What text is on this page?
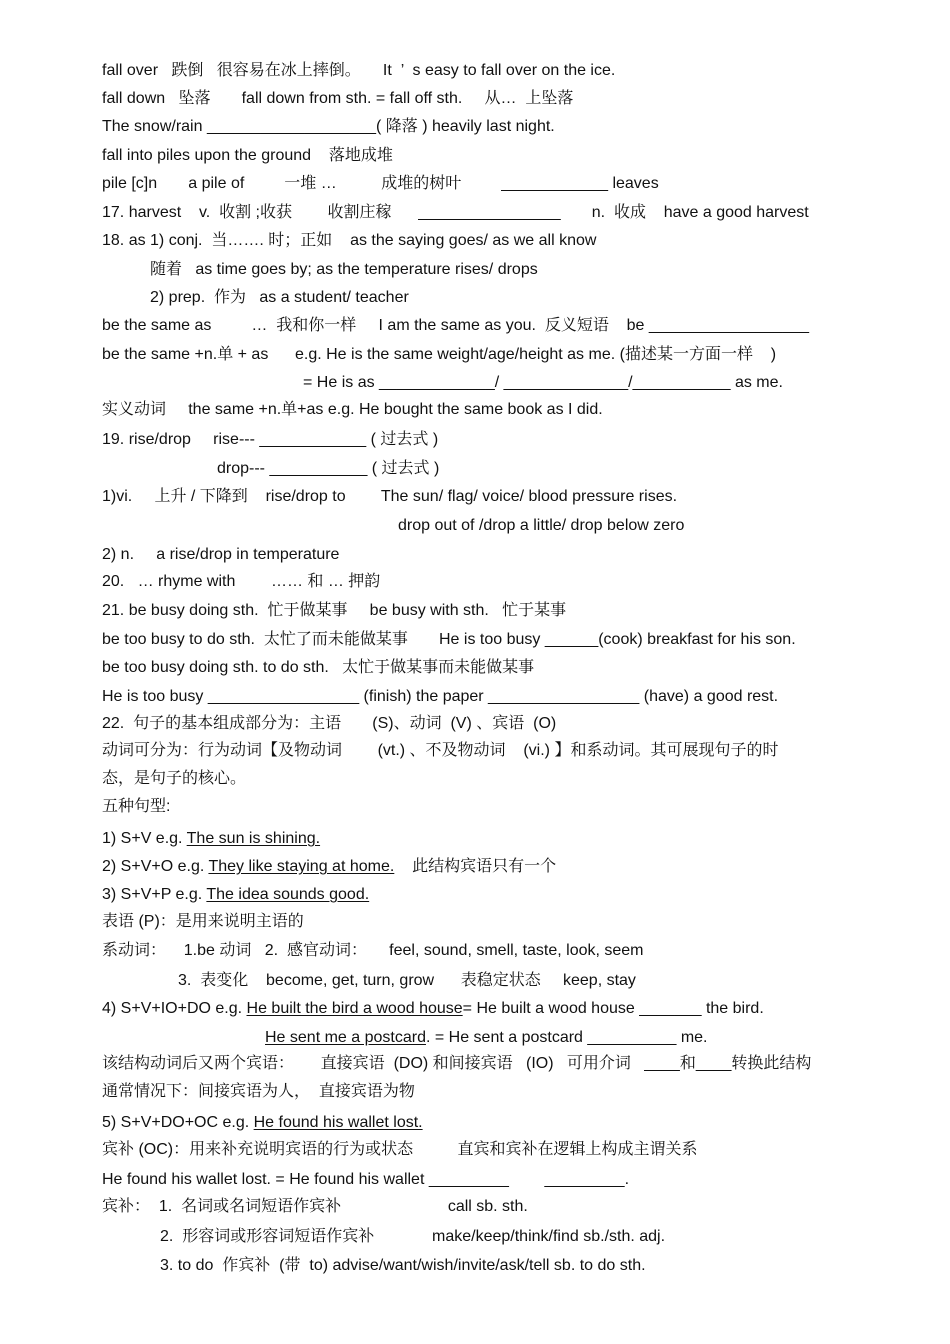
fall over   跌倒   很容易在冰上摔倒。     It  ’  s easy to fall over on the ice.
fall down   坠落       fall down from sth. = fall off sth.     从…  上坠落
The snow/rain ___________________( 降落 ) heavily last night.
fall into piles upon the ground    落地成堆
pile [c]n       a pile of         一堆 …          成堆的树叶         ____________ leaves
17. harvest    v.  收割 ;收获        收割庄稼      ________________       n.  收成    have a good harvest
18. as 1) conj.  当……. 时；正如    as the saying goes/ as we all know
随着   as time goes by; as the temperature rises/ drops
2) prep.  作为   as a student/ teacher
be the same as         …  我和你一样     I am the same as you.  反义短语    be __________________
be the same +n.单 + as      e.g. He is the same weight/age/height as me. (描述某一方面一样    )
= He is as _____________/ ______________/___________ as me.
实义动词     the same +n.单+as e.g. He bought the same book as I did.
19. rise/drop     rise--- ____________ ( 过去式 )
drop--- ___________ ( 过去式 )
1)vi.     上升 / 下降到    rise/drop to        The sun/ flag/ voice/ blood pressure rises.
drop out of /drop a little/ drop below zero
2) n.     a rise/drop in temperature
20.   … rhyme with        …… 和 … 押韵
21. be busy doing sth.  忙于做某事     be busy with sth.   忙于某事
be too busy to do sth.  太忙了而未能做某事       He is too busy ______(cook) breakfast for his son.
be too busy doing sth. to do sth.   太忙于做某事而未能做某事
He is too busy _________________ (finish) the paper _________________ (have) a good rest.
22.  句子的基本组成部分为：主语       (S)、动词  (V) 、宾语  (O)
动词可分为：行为动词【及物动词        (vt.) 、不及物动词    (vi.) 】和系动词。其可展现句子的时
态，是句子的核心。
五种句型:
1) S+V e.g. The sun is shining.
2) S+V+O e.g. They like staying at home.    此结构宾语只有一个
3) S+V+P e.g. The idea sounds good.
表语 (P)：是用来说明主语的
系动词：    1.be 动词   2.  感官动词：     feel, sound, smell, taste, look, seem
3.  表变化    become, get, turn, grow      表稳定状态     keep, stay
4) S+V+IO+DO e.g. He built the bird a wood house= He built a wood house _______ the bird.
He sent me a postcard. = He sent a postcard __________ me.
该结构动词后又两个宾语：      直接宾语  (DO) 和间接宾语   (IO)   可用介词   ____和____转换此结构
通常情况下：间接宾语为人，  直接宾语为物
5) S+V+DO+OC e.g. He found his wallet lost.
宾补 (OC)：用来补充说明宾语的行为或状态          直宾和宾补在逻辑上构成主谓关系
He found his wallet lost. = He found his wallet _________        _________.
宾补：  1.  名词或名词短语作宾补                        call sb. sth.
2.  形容词或形容词短语作宾补             make/keep/think/find sb./sth. adj.
3. to do  作宾补  (带  to) advise/want/wish/invite/ask/tell sb. to do sth.
